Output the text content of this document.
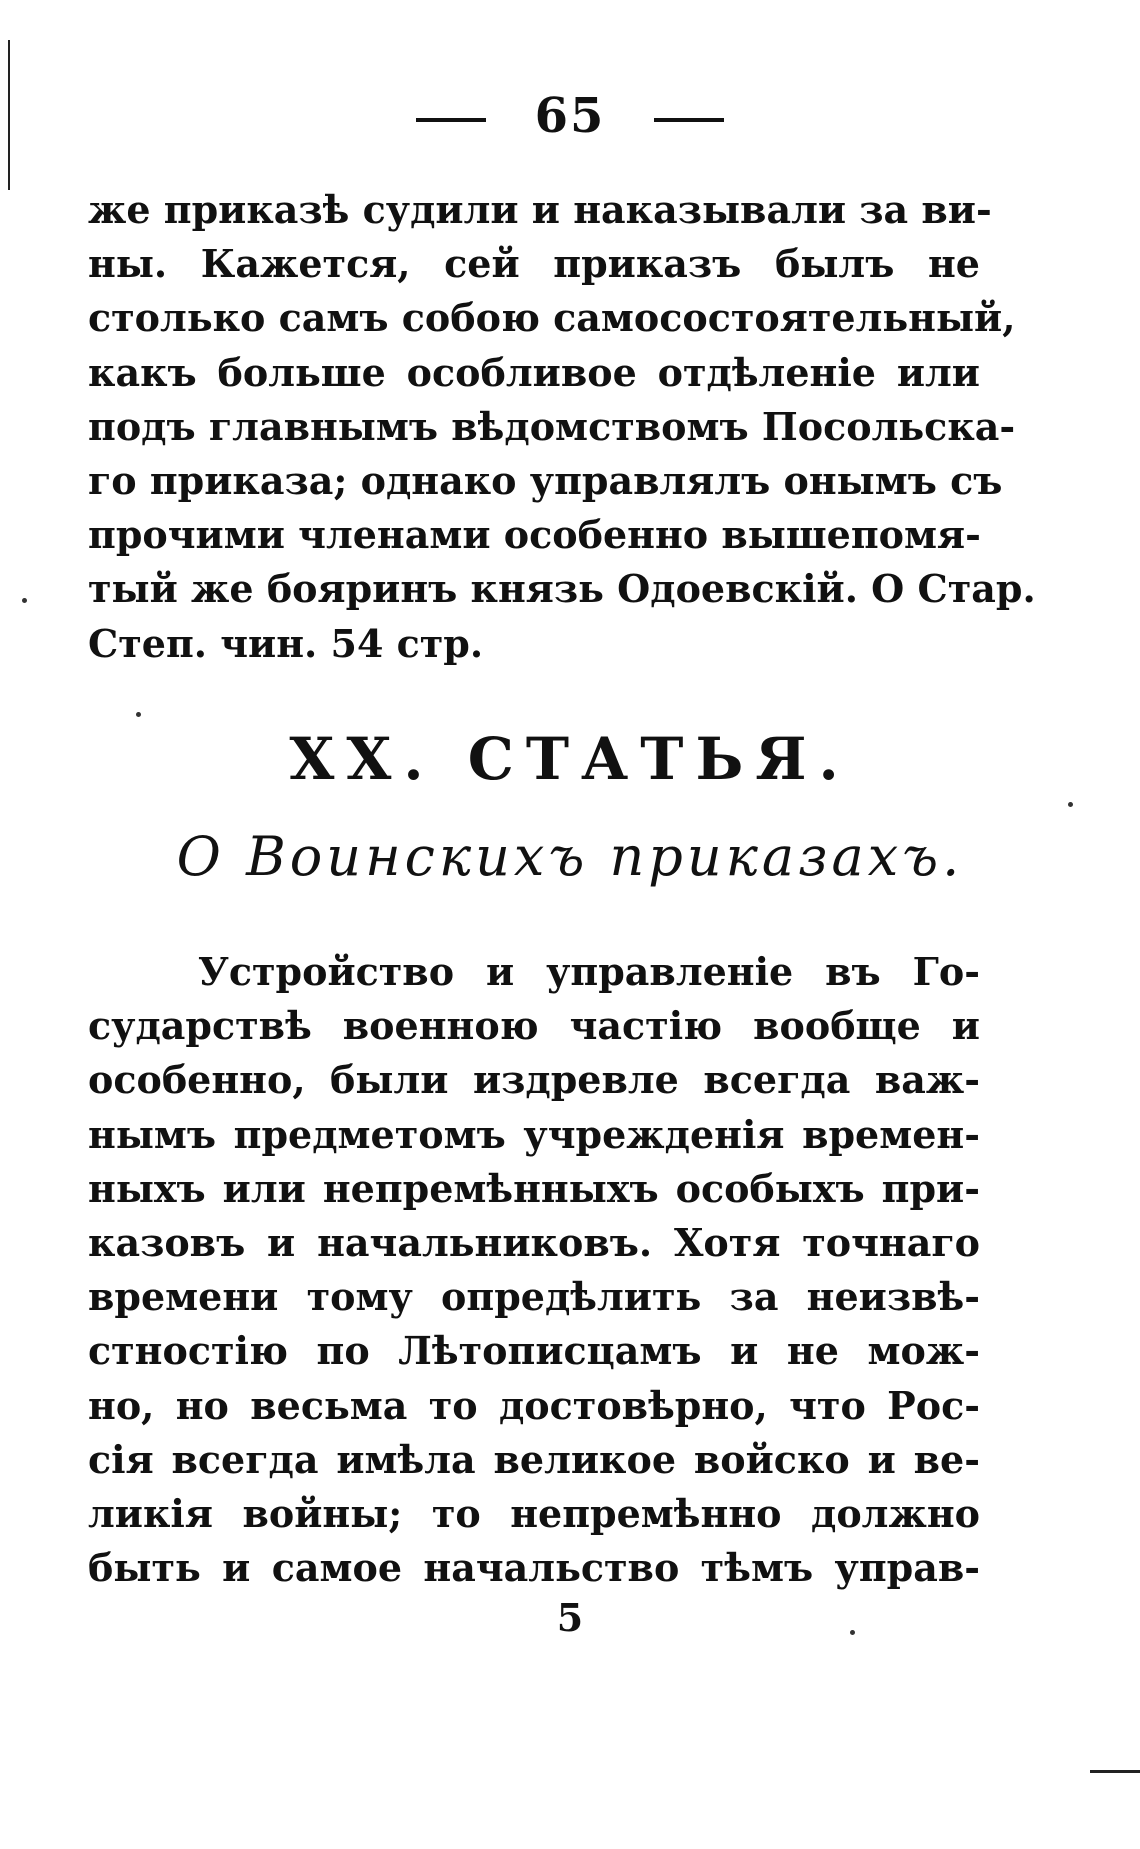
65
же приказѣ судили и наказывали за ви-
ны. Кажется, сей приказъ былъ не
столько самъ собою самосостоятельный,
какъ больше особливое отдѣленіе или
подъ главнымъ вѣдомствомъ Посольска-
го приказа; однако управлялъ онымъ съ
прочими членами особенно вышепомя-
тый же бояринъ князь Одоевскій. О Стар.
Степ. чин. 54 стр.
XX. СТАТЬЯ.
О Воинскихъ приказахъ.
Устройство и управленіе въ Го-
сударствѣ военною частію вообще и
особенно, были издревле всегда важ-
нымъ предметомъ учрежденія времен-
ныхъ или непремѣнныхъ особыхъ при-
казовъ и начальниковъ. Хотя точнаго
времени тому опредѣлить за неизвѣ-
стностію по Лѣтописцамъ и не мож-
но, но весьма то достовѣрно, что Рос-
сія всегда имѣла великое войско и ве-
ликія войны; то непремѣнно должно
быть и самое начальство тѣмъ управ-
5
